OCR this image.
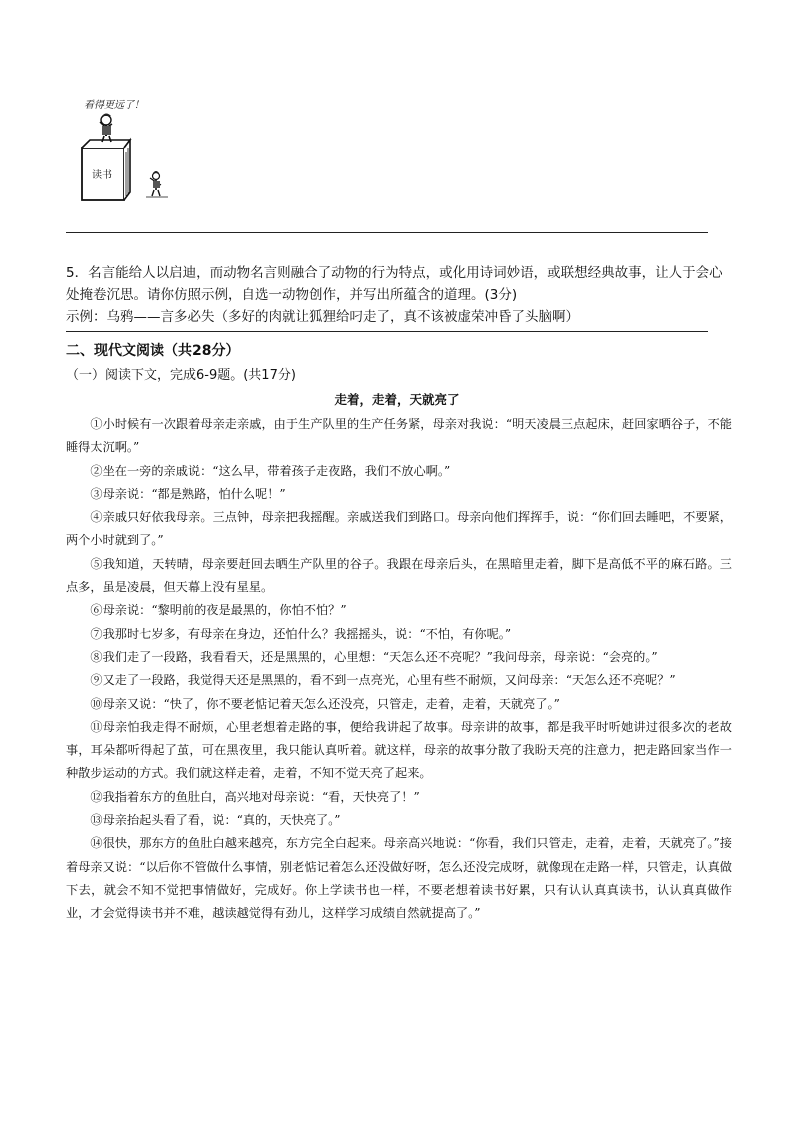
看得更远了！
读书

5．名言能给人以启迪，而动物名言则融合了动物的行为特点，或化用诗词妙语，或联想经典故事，让人于会心处掩卷沉思。请你仿照示例，自选一动物创作，并写出所蕴含的道理。(3分)

示例：乌鸦——言多必失（多好的肉就让狐狸给叼走了，真不该被虚荣冲昏了头脑啊）

二、现代文阅读（共28分）
（一）阅读下文，完成6-9题。(共17分)
走着，走着，天就亮了

①小时候有一次跟着母亲走亲戚，由于生产队里的生产任务紧，母亲对我说：“明天凌晨三点起床，赶回家晒谷子，不能睡得太沉啊。”

②坐在一旁的亲戚说：“这么早，带着孩子走夜路，我们不放心啊。”

③母亲说：“都是熟路，怕什么呢！”

④亲戚只好依我母亲。三点钟，母亲把我摇醒。亲戚送我们到路口。母亲向他们挥挥手，说：“你们回去睡吧，不要紧，两个小时就到了。”

⑤我知道，天转晴，母亲要赶回去晒生产队里的谷子。我跟在母亲后头，在黑暗里走着，脚下是高低不平的麻石路。三点多，虽是凌晨，但天幕上没有星星。

⑥母亲说：“黎明前的夜是最黑的，你怕不怕？”

⑦我那时七岁多，有母亲在身边，还怕什么？我摇摇头，说：“不怕，有你呢。”

⑧我们走了一段路，我看看天，还是黑黑的，心里想：“天怎么还不亮呢？”我问母亲，母亲说：“会亮的。”

⑨又走了一段路，我觉得天还是黑黑的，看不到一点亮光，心里有些不耐烦，又问母亲：“天怎么还不亮呢？”

⑩母亲又说：“快了，你不要老惦记着天怎么还没亮，只管走，走着，走着，天就亮了。”

⑪母亲怕我走得不耐烦，心里老想着走路的事，便给我讲起了故事。母亲讲的故事，都是我平时听她讲过很多次的老故事，耳朵都听得起了茧，可在黑夜里，我只能认真听着。就这样，母亲的故事分散了我盼天亮的注意力，把走路回家当作一种散步运动的方式。我们就这样走着，走着，不知不觉天亮了起来。

⑫我指着东方的鱼肚白，高兴地对母亲说：“看，天快亮了！”

⑬母亲抬起头看了看，说：“真的，天快亮了。”

⑭很快，那东方的鱼肚白越来越亮，东方完全白起来。母亲高兴地说：“你看，我们只管走，走着，走着，天就亮了。”接着母亲又说：“以后你不管做什么事情，别老惦记着怎么还没做好呀，怎么还没完成呀，就像现在走路一样，只管走，认真做下去，就会不知不觉把事情做好，完成好。你上学读书也一样，不要老想着读书好累，只有认认真真读书，认认真真做作业，才会觉得读书并不难，越读越觉得有劲儿，这样学习成绩自然就提高了。”
